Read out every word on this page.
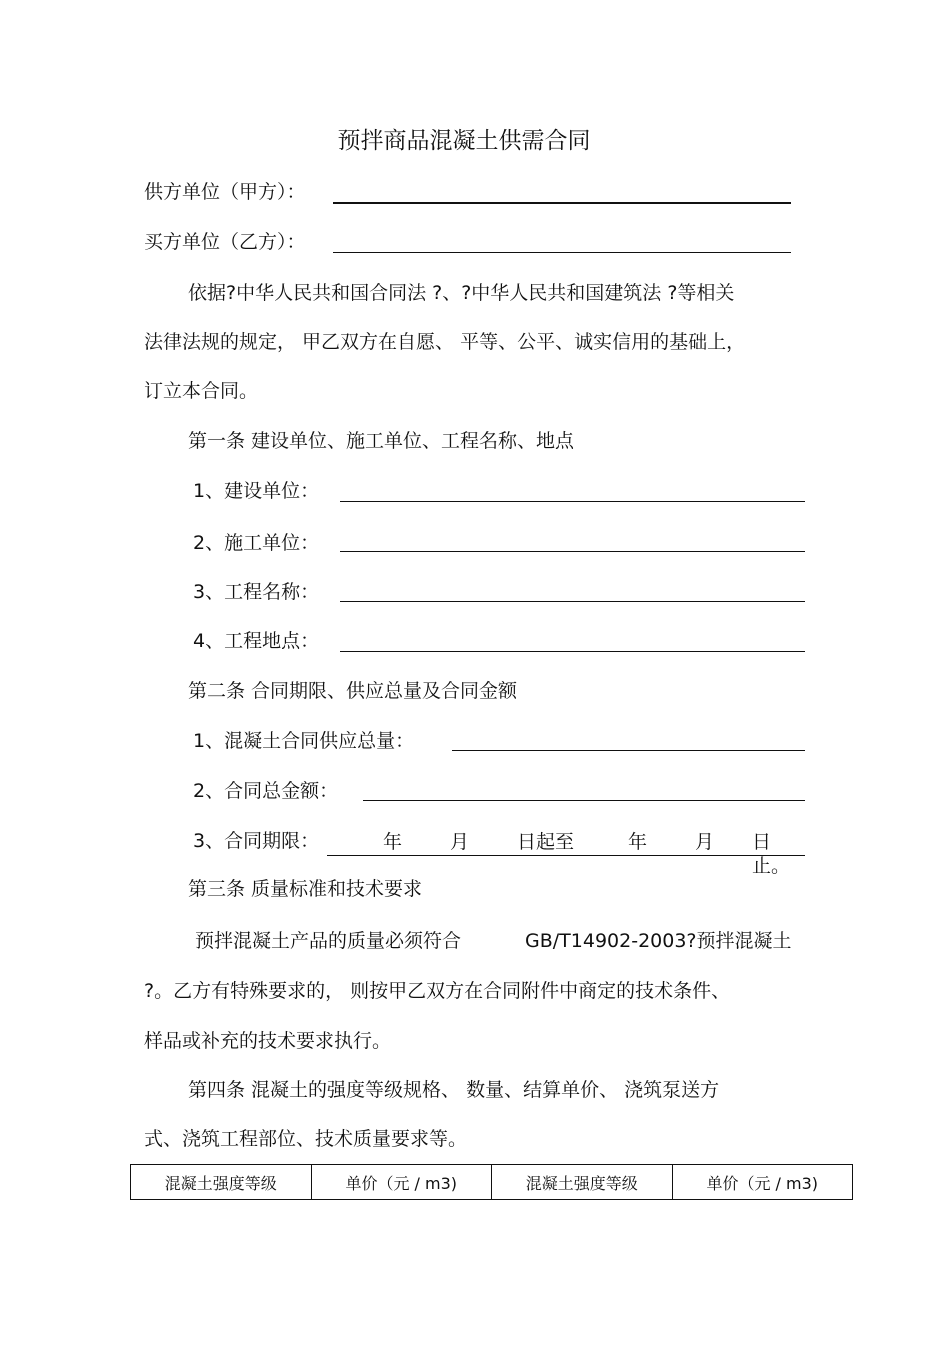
预拌商品混凝土供需合同
供方单位（甲方）：
买方单位（乙方）：
依据?中华人民共和国合同法 ?、?中华人民共和国建筑法 ?等相关
法律法规的规定， 甲乙双方在自愿、 平等、公平、诚实信用的基础上，
订立本合同。
第一条 建设单位、施工单位、工程名称、地点
1、建设单位：
2、施工单位：
3、工程名称：
4、工程地点：
第二条 合同期限、供应总量及合同金额
1、混凝土合同供应总量：
2、合同总金额：
3、合同期限：	年	月	日起至	年	月 日止。
第三条 质量标准和技术要求
预拌混凝土产品的质量必须符合	GB/T14902-2003?预拌混凝土
?。乙方有特殊要求的， 则按甲乙双方在合同附件中商定的技术条件、
样品或补充的技术要求执行。
第四条 混凝土的强度等级规格、 数量、结算单价、 浇筑泵送方
式、浇筑工程部位、技术质量要求等。
混凝土强度等级	单价（元 / m3)	混凝土强度等级	单价（元 / m3)
